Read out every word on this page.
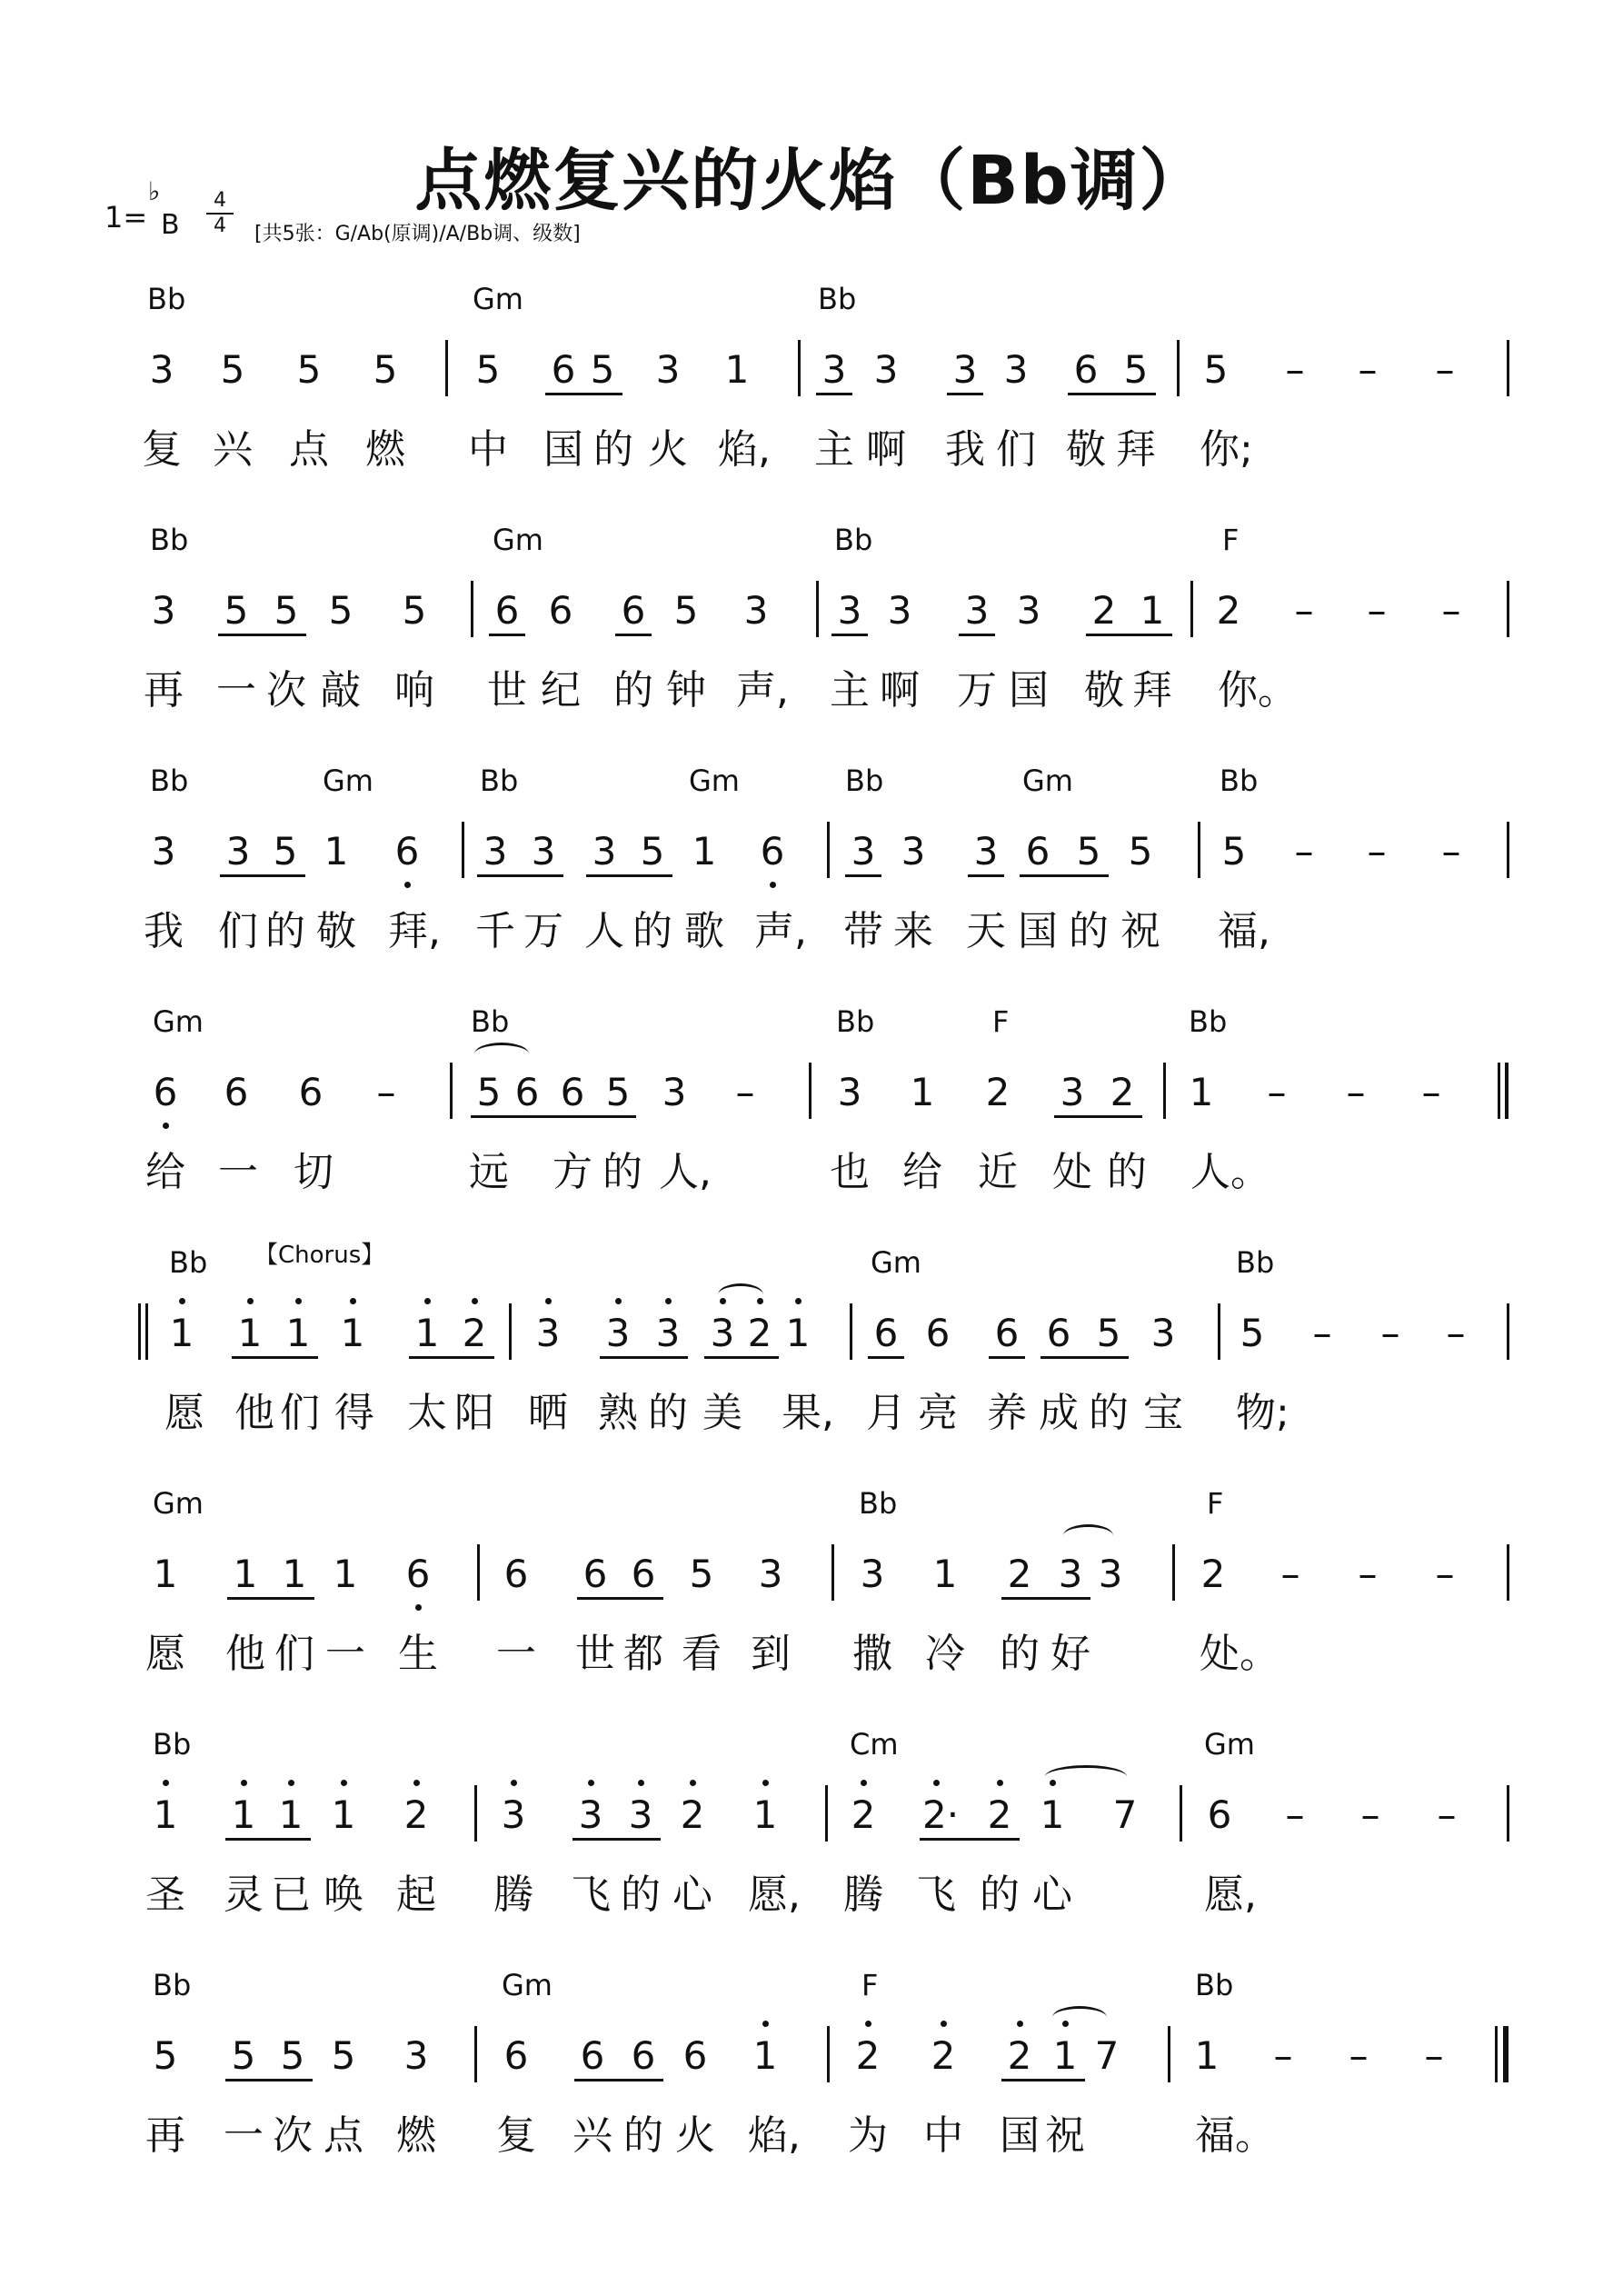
点燃复兴的火焰（Bb调）
1=
♭
B
4
4	[共5张：G/Ab(原调)/A/Bb调、级数]
Bb	Gm	Bb
3 5 5 5 5 6 5 3 1 3 3 3 3 6 5 5 – – –
复 兴 点 燃 中 国 的 火 焰, 主 啊 我 们 敬 拜 你;
Bb	Gm	Bb	F
3 5 5 5 5 6 6 6 5 3 3 3 3 3 2 1 2 – – –
再 一 次 敲 响 世 纪 的 钟 声, 主 啊 万 国 敬 拜 你。
Bb	Gm	Bb	Gm	Bb	Gm	Bb
3 3 5 1 6 3 3 3 5 1 6 3 3 3 6 5 5 5 – – –
我 们 的 敬 拜, 千 万 人 的 歌 声, 带 来 天 国 的 祝 福,
Gm	Bb	Bb	F	Bb
6 6 6 – 5 6 6 5 3 – 3 1 2 3 2 1 – – –
给 一 切	远 方 的 人,	也 给 近 处 的 人。
Bb 【Chorus】	Gm	Bb
1 1 1 1 1 2 3 3 3 3 2 1 6 6 6 6 5 3 5 – – –
愿 他 们 得 太 阳 晒 熟 的 美 果, 月 亮 养 成 的 宝 物;
Gm	Bb	F
1 1 1 1 6 6 6 6 5 3 3 1 2 3 3 2 – – –
愿 他 们 一 生 一 世 都 看 到 撒 冷 的 好	处。
Bb	Cm	Gm
1 1 1 1 2 3 3 3 2 1 2 2· 2 1 7 6 – – –
圣 灵 已 唤 起 腾 飞 的 心 愿, 腾 飞 的 心	愿,
Bb	Gm	F	Bb
5 5 5 5 3 6 6 6 6 1 2 2 2 1 7 1 – – –
再 一 次 点 燃 复 兴 的 火 焰, 为 中 国 祝	福。
